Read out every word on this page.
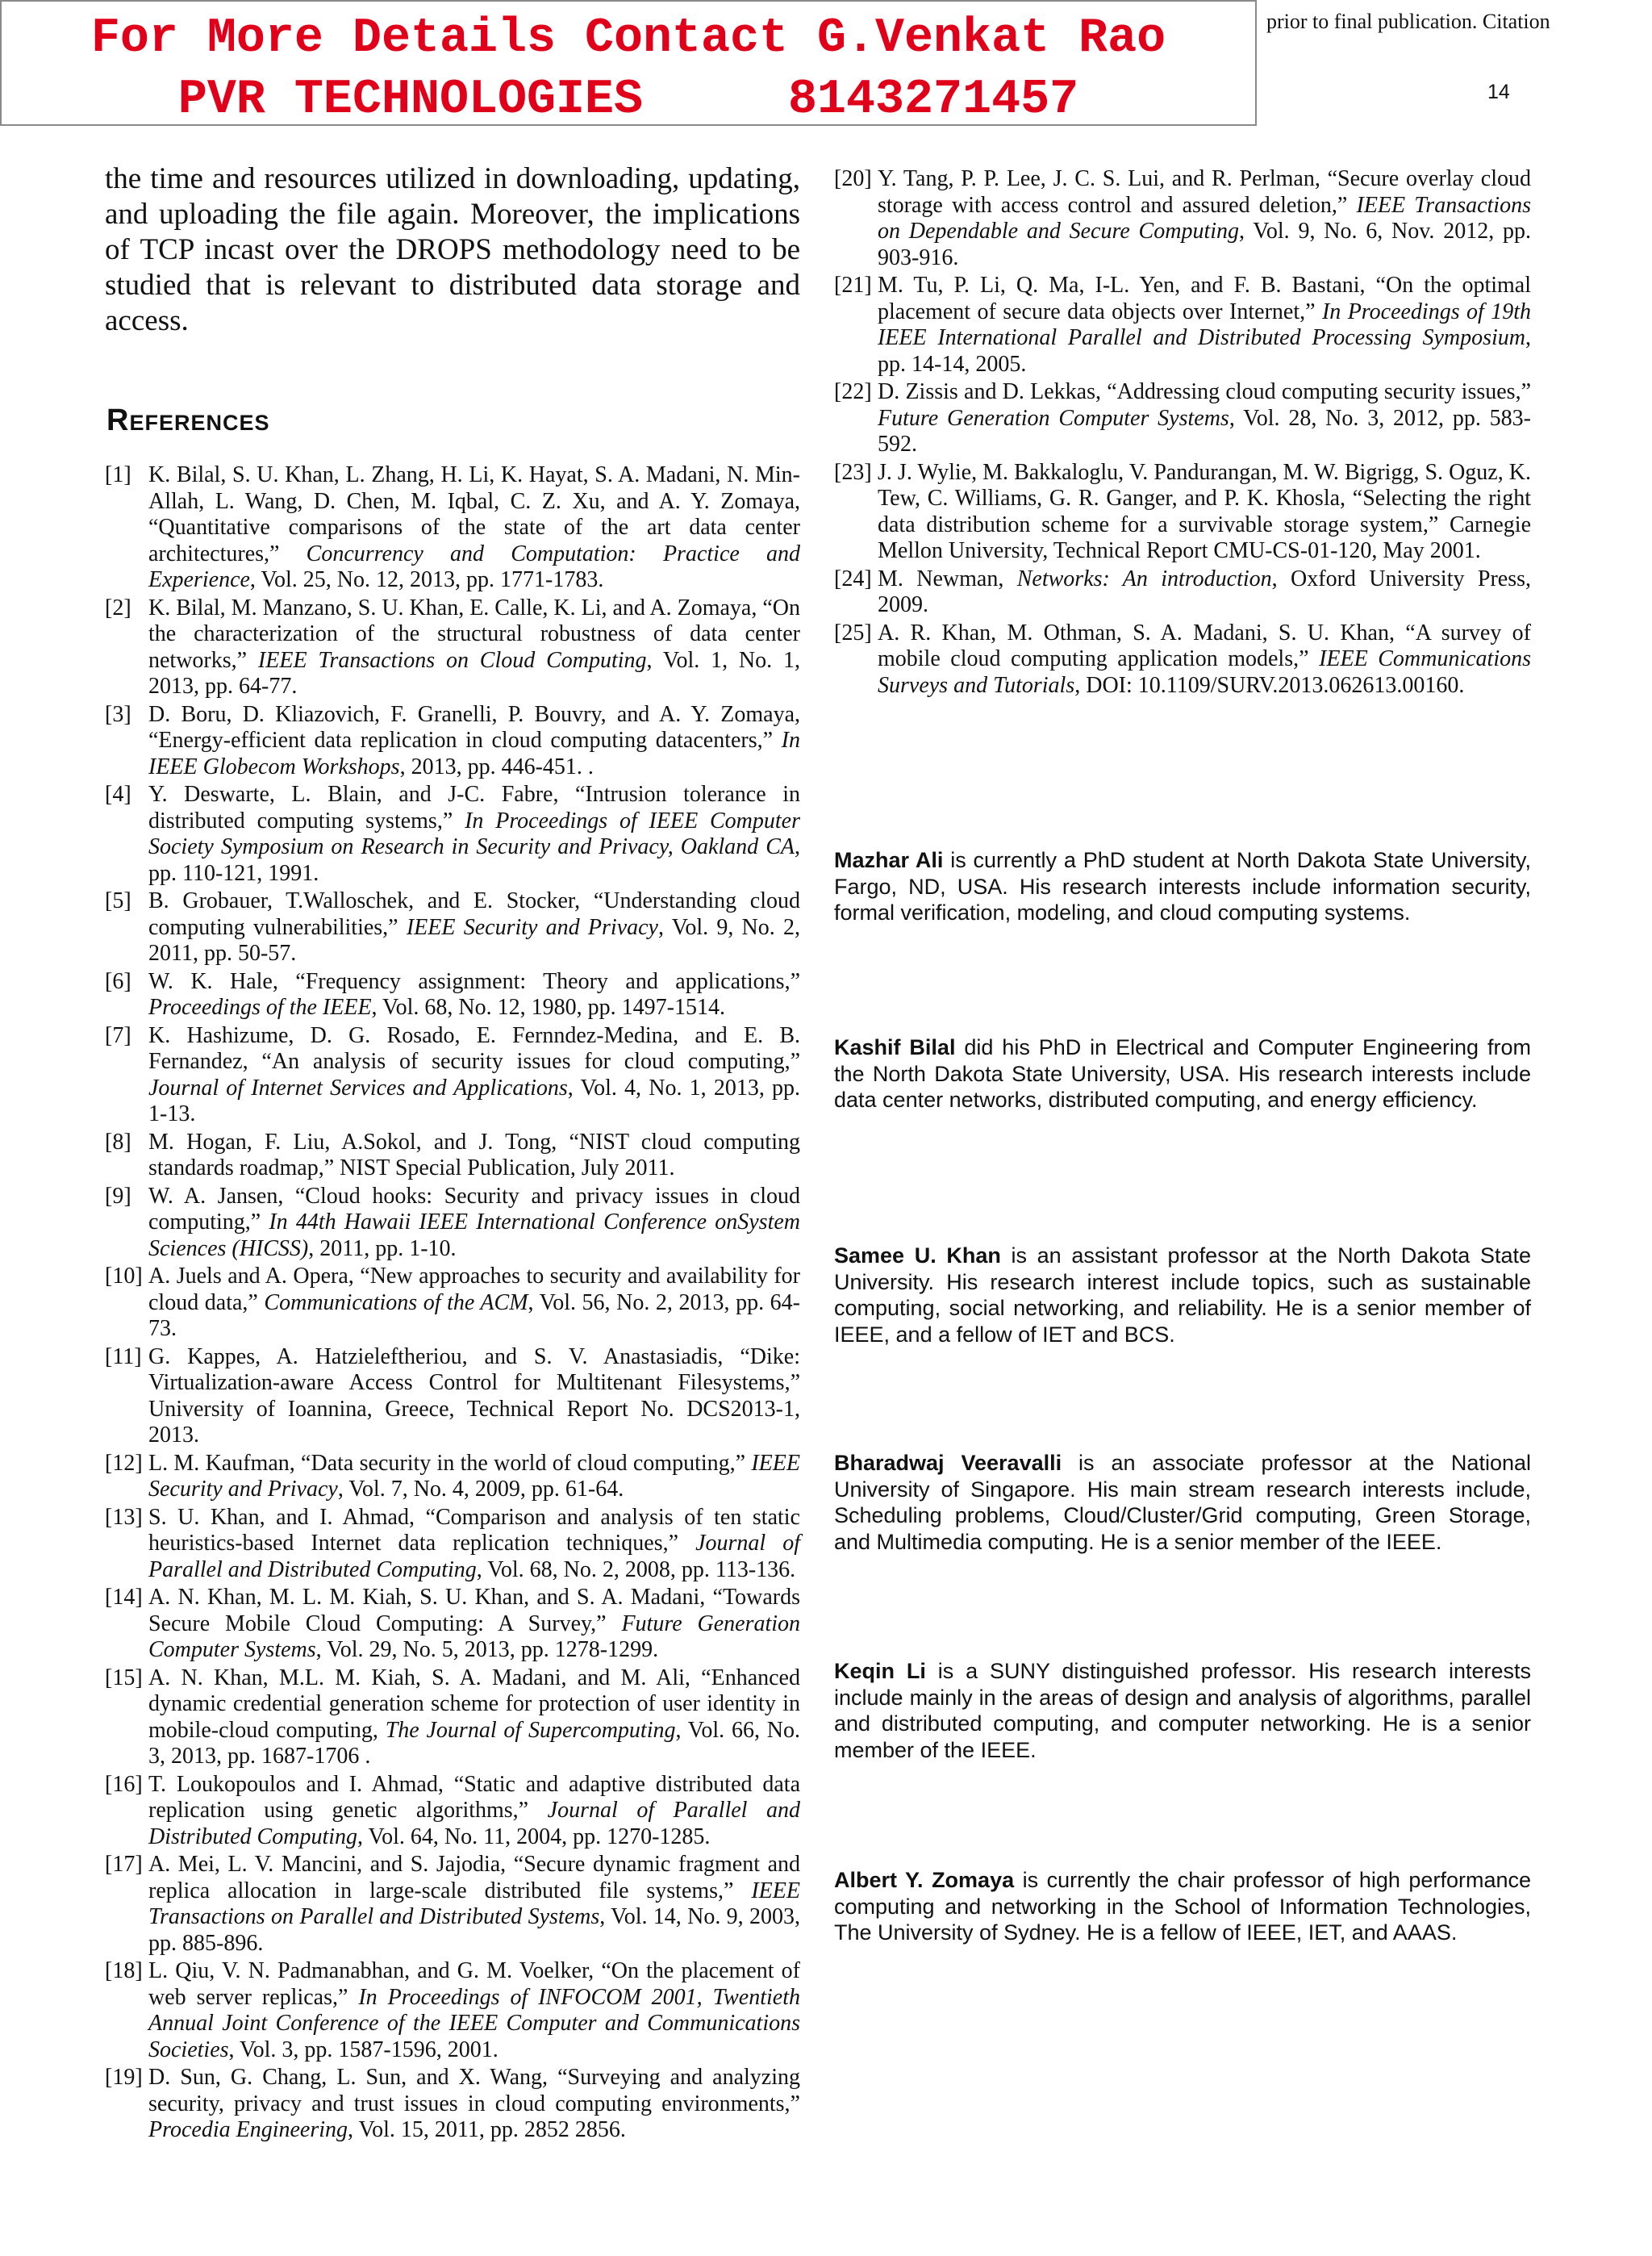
For More Details Contact G.Venkat Rao
PVR TECHNOLOGIES     8143271457
prior to final publication. Citation
14

the time and resources utilized in downloading, updating, and uploading the file again. Moreover, the implications of TCP incast over the DROPS methodology need to be studied that is relevant to distributed data storage and access.

References
[1] K. Bilal, S. U. Khan, L. Zhang, H. Li, K. Hayat, S. A. Madani, N. Min-Allah, L. Wang, D. Chen, M. Iqbal, C. Z. Xu, and A. Y. Zomaya, “Quantitative comparisons of the state of the art data center architectures,” Concurrency and Computation: Practice and Experience, Vol. 25, No. 12, 2013, pp. 1771-1783.
[2] K. Bilal, M. Manzano, S. U. Khan, E. Calle, K. Li, and A. Zomaya, “On the characterization of the structural robustness of data center networks,” IEEE Transactions on Cloud Computing, Vol. 1, No. 1, 2013, pp. 64-77.
[3] D. Boru, D. Kliazovich, F. Granelli, P. Bouvry, and A. Y. Zomaya, “Energy-efficient data replication in cloud computing datacenters,” In IEEE Globecom Workshops, 2013, pp. 446-451. .
[4] Y. Deswarte, L. Blain, and J-C. Fabre, “Intrusion tolerance in distributed computing systems,” In Proceedings of IEEE Computer Society Symposium on Research in Security and Privacy, Oakland CA, pp. 110-121, 1991.
[5] B. Grobauer, T.Walloschek, and E. Stocker, “Understanding cloud computing vulnerabilities,” IEEE Security and Privacy, Vol. 9, No. 2, 2011, pp. 50-57.
[6] W. K. Hale, “Frequency assignment: Theory and applications,” Proceedings of the IEEE, Vol. 68, No. 12, 1980, pp. 1497-1514.
[7] K. Hashizume, D. G. Rosado, E. Fernndez-Medina, and E. B. Fernandez, “An analysis of security issues for cloud computing,” Journal of Internet Services and Applications, Vol. 4, No. 1, 2013, pp. 1-13.
[8] M. Hogan, F. Liu, A.Sokol, and J. Tong, “NIST cloud computing standards roadmap,” NIST Special Publication, July 2011.
[9] W. A. Jansen, “Cloud hooks: Security and privacy issues in cloud computing,” In 44th Hawaii IEEE International Conference onSystem Sciences (HICSS), 2011, pp. 1-10.
[10] A. Juels and A. Opera, “New approaches to security and availability for cloud data,” Communications of the ACM, Vol. 56, No. 2, 2013, pp. 64-73.
[11] G. Kappes, A. Hatzieleftheriou, and S. V. Anastasiadis, “Dike: Virtualization-aware Access Control for Multitenant Filesystems,” University of Ioannina, Greece, Technical Report No. DCS2013-1, 2013.
[12] L. M. Kaufman, “Data security in the world of cloud computing,” IEEE Security and Privacy, Vol. 7, No. 4, 2009, pp. 61-64.
[13] S. U. Khan, and I. Ahmad, “Comparison and analysis of ten static heuristics-based Internet data replication techniques,” Journal of Parallel and Distributed Computing, Vol. 68, No. 2, 2008, pp. 113-136.
[14] A. N. Khan, M. L. M. Kiah, S. U. Khan, and S. A. Madani, “Towards Secure Mobile Cloud Computing: A Survey,” Future Generation Computer Systems, Vol. 29, No. 5, 2013, pp. 1278-1299.
[15] A. N. Khan, M.L. M. Kiah, S. A. Madani, and M. Ali, “Enhanced dynamic credential generation scheme for protection of user identity in mobile-cloud computing, The Journal of Supercomputing, Vol. 66, No. 3, 2013, pp. 1687-1706 .
[16] T. Loukopoulos and I. Ahmad, “Static and adaptive distributed data replication using genetic algorithms,” Journal of Parallel and Distributed Computing, Vol. 64, No. 11, 2004, pp. 1270-1285.
[17] A. Mei, L. V. Mancini, and S. Jajodia, “Secure dynamic fragment and replica allocation in large-scale distributed file systems,” IEEE Transactions on Parallel and Distributed Systems, Vol. 14, No. 9, 2003, pp. 885-896.
[18] L. Qiu, V. N. Padmanabhan, and G. M. Voelker, “On the placement of web server replicas,” In Proceedings of INFOCOM 2001, Twentieth Annual Joint Conference of the IEEE Computer and Communications Societies, Vol. 3, pp. 1587-1596, 2001.
[19] D. Sun, G. Chang, L. Sun, and X. Wang, “Surveying and analyzing security, privacy and trust issues in cloud computing environments,” Procedia Engineering, Vol. 15, 2011, pp. 2852 2856.
[20] Y. Tang, P. P. Lee, J. C. S. Lui, and R. Perlman, “Secure overlay cloud storage with access control and assured deletion,” IEEE Transactions on Dependable and Secure Computing, Vol. 9, No. 6, Nov. 2012, pp. 903-916.
[21] M. Tu, P. Li, Q. Ma, I-L. Yen, and F. B. Bastani, “On the optimal placement of secure data objects over Internet,” In Proceedings of 19th IEEE International Parallel and Distributed Processing Symposium, pp. 14-14, 2005.
[22] D. Zissis and D. Lekkas, “Addressing cloud computing security issues,” Future Generation Computer Systems, Vol. 28, No. 3, 2012, pp. 583-592.
[23] J. J. Wylie, M. Bakkaloglu, V. Pandurangan, M. W. Bigrigg, S. Oguz, K. Tew, C. Williams, G. R. Ganger, and P. K. Khosla, “Selecting the right data distribution scheme for a survivable storage system,” Carnegie Mellon University, Technical Report CMU-CS-01-120, May 2001.
[24] M. Newman, Networks: An introduction, Oxford University Press, 2009.
[25] A. R. Khan, M. Othman, S. A. Madani, S. U. Khan, “A survey of mobile cloud computing application models,” IEEE Communications Surveys and Tutorials, DOI: 10.1109/SURV.2013.062613.00160.
Mazhar Ali is currently a PhD student at North Dakota State University, Fargo, ND, USA. His research interests include information security, formal verification, modeling, and cloud computing systems.
Kashif Bilal did his PhD in Electrical and Computer Engineering from the North Dakota State University, USA. His research interests include data center networks, distributed computing, and energy efficiency.
Samee U. Khan is an assistant professor at the North Dakota State University. His research interest include topics, such as sustainable computing, social networking, and reliability. He is a senior member of IEEE, and a fellow of IET and BCS.
Bharadwaj Veeravalli is an associate professor at the National University of Singapore. His main stream research interests include, Scheduling problems, Cloud/Cluster/Grid computing, Green Storage, and Multimedia computing. He is a senior member of the IEEE.
Keqin Li is a SUNY distinguished professor. His research interests include mainly in the areas of design and analysis of algorithms, parallel and distributed computing, and computer networking. He is a senior member of the IEEE.
Albert Y. Zomaya is currently the chair professor of high performance computing and networking in the School of Information Technologies, The University of Sydney. He is a fellow of IEEE, IET, and AAAS.
